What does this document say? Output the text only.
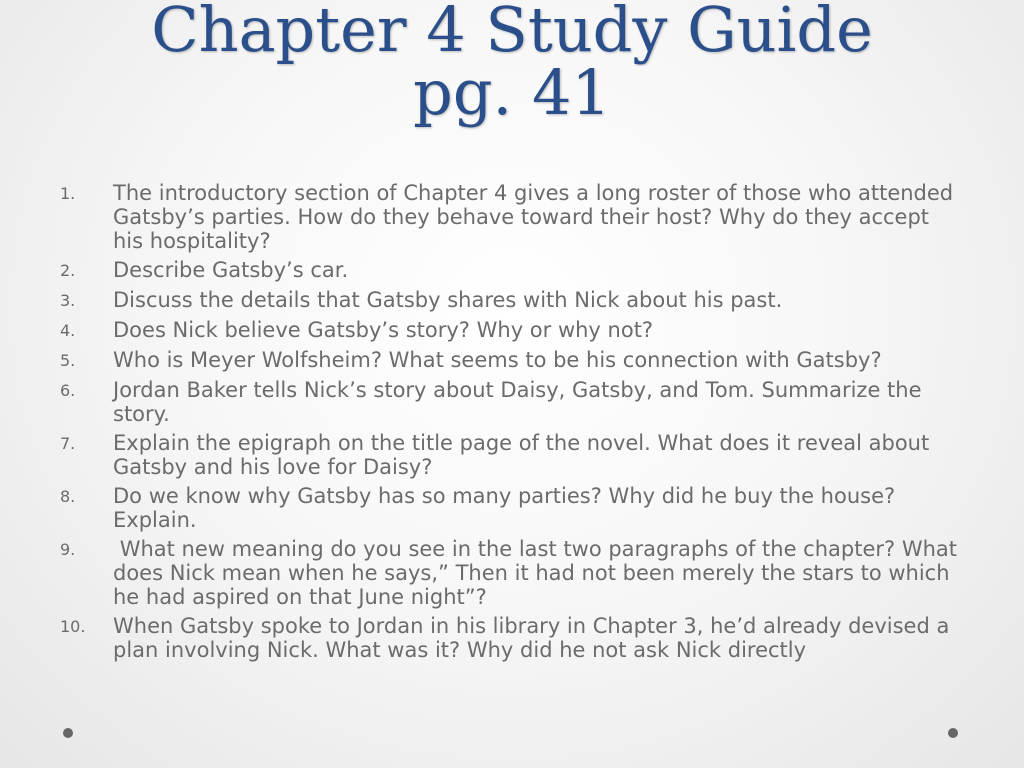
Chapter 4 Study Guide
pg. 41
1.	The introductory section of Chapter 4 gives a long roster of those who attended Gatsby’s parties. How do they behave toward their host? Why do they accept his hospitality?
2.	Describe Gatsby’s car.
3.	Discuss the details that Gatsby shares with Nick about his past.
4.	Does Nick believe Gatsby’s story? Why or why not?
5.	Who is Meyer Wolfsheim? What seems to be his connection with Gatsby?
6.	Jordan Baker tells Nick’s story about Daisy, Gatsby, and Tom. Summarize the story.
7.	Explain the epigraph on the title page of the novel. What does it reveal about Gatsby and his love for Daisy?
8.	Do we know why Gatsby has so many parties? Why did he buy the house? Explain.
9.	What new meaning do you see in the last two paragraphs of the chapter? What does Nick mean when he says,” Then it had not been merely the stars to which he had aspired on that June night”?
10.	When Gatsby spoke to Jordan in his library in Chapter 3, he’d already devised a plan involving Nick. What was it? Why did he not ask Nick directly
